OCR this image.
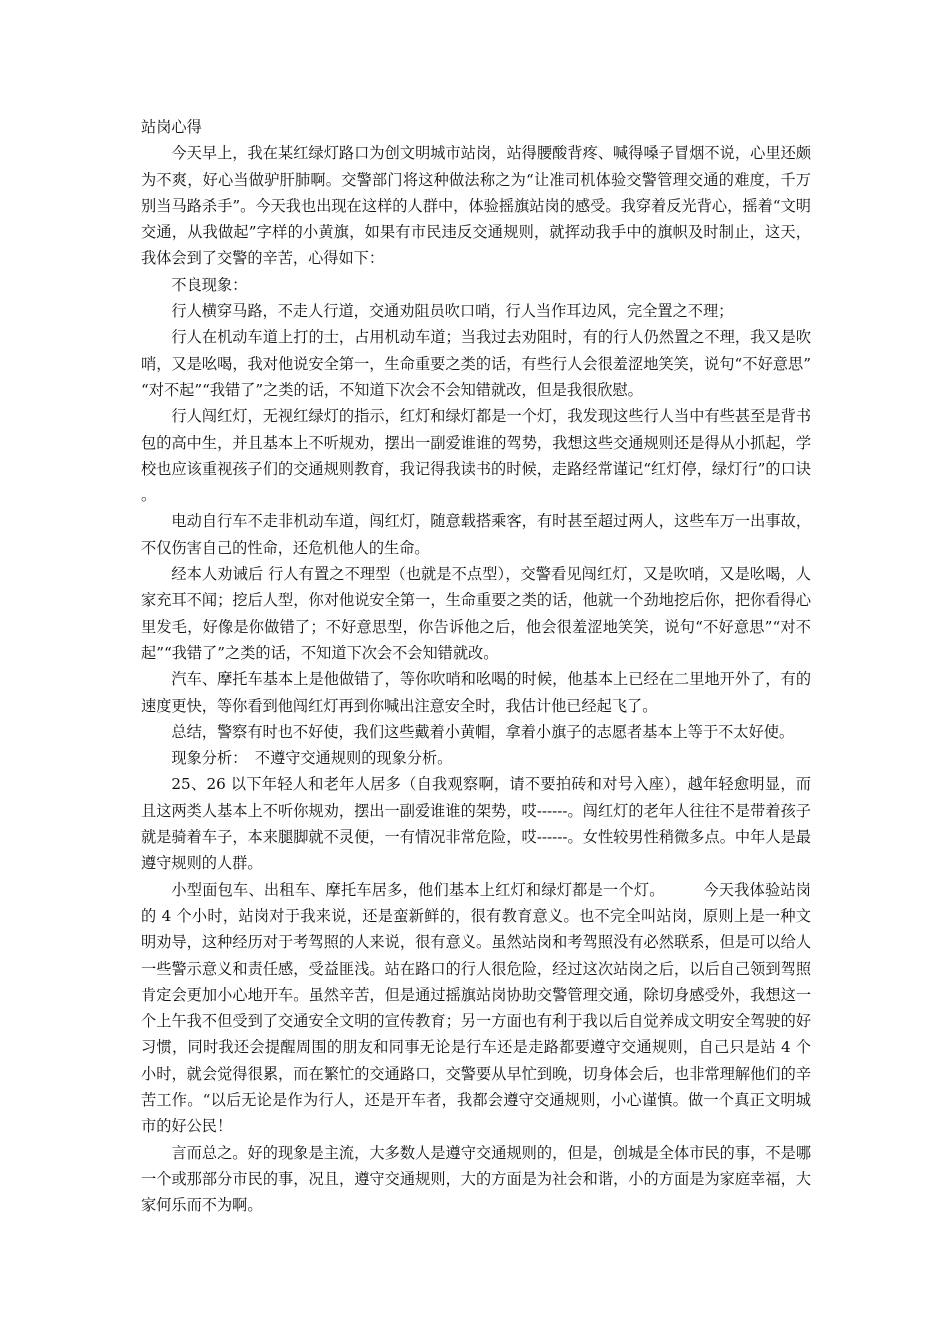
站岗心得

今天早上，我在某红绿灯路口为创文明城市站岗，站得腰酸背疼、喊得嗓子冒烟不说，心里还颇为不爽，好心当做驴肝肺啊。交警部门将这种做法称之为“让准司机体验交警管理交通的难度，千万别当马路杀手”。今天我也出现在这样的人群中，体验摇旗站岗的感受。我穿着反光背心，摇着“文明交通，从我做起”字样的小黄旗，如果有市民违反交通规则，就挥动我手中的旗帜及时制止，这天，我体会到了交警的辛苦，心得如下：

不良现象：

行人横穿马路，不走人行道，交通劝阻员吹口哨，行人当作耳边风，完全置之不理；

行人在机动车道上打的士，占用机动车道；当我过去劝阻时，有的行人仍然置之不理，我又是吹哨，又是吆喝，我对他说安全第一，生命重要之类的话，有些行人会很羞涩地笑笑，说句“不好意思”“对不起”“我错了”之类的话，不知道下次会不会知错就改，但是我很欣慰。

行人闯红灯，无视红绿灯的指示，红灯和绿灯都是一个灯，我发现这些行人当中有些甚至是背书包的高中生，并且基本上不听规劝，摆出一副爱谁谁的驾势，我想这些交通规则还是得从小抓起，学校也应该重视孩子们的交通规则教育，我记得我读书的时候，走路经常谨记“红灯停，绿灯行”的口诀。

电动自行车不走非机动车道，闯红灯，随意载搭乘客，有时甚至超过两人，这些车万一出事故，不仅伤害自己的性命，还危机他人的生命。

经本人劝诫后 行人有置之不理型（也就是不点型），交警看见闯红灯，又是吹哨，又是吆喝，人家充耳不闻；挖后人型，你对他说安全第一，生命重要之类的话，他就一个劲地挖后你，把你看得心里发毛，好像是你做错了；不好意思型，你告诉他之后，他会很羞涩地笑笑，说句“不好意思”“对不起”“我错了”之类的话，不知道下次会不会知错就改。

汽车、摩托车基本上是他做错了，等你吹哨和吆喝的时候，他基本上已经在二里地开外了，有的速度更快，等你看到他闯红灯再到你喊出注意安全时，我估计他已经起飞了。

总结，警察有时也不好使，我们这些戴着小黄帽，拿着小旗子的志愿者基本上等于不太好使。

现象分析：　不遵守交通规则的现象分析。

25、26 以下年轻人和老年人居多（自我观察啊，请不要拍砖和对号入座），越年轻愈明显，而且这两类人基本上不听你规劝，摆出一副爱谁谁的架势，哎------。闯红灯的老年人往往不是带着孩子就是骑着车子，本来腿脚就不灵便，一有情况非常危险，哎------。女性较男性稍微多点。中年人是最遵守规则的人群。

小型面包车、出租车、摩托车居多，他们基本上红灯和绿灯都是一个灯。　　　今天我体验站岗的 4 个小时，站岗对于我来说，还是蛮新鲜的，很有教育意义。也不完全叫站岗，原则上是一种文明劝导，这种经历对于考驾照的人来说，很有意义。虽然站岗和考驾照没有必然联系，但是可以给人一些警示意义和责任感，受益匪浅。站在路口的行人很危险，经过这次站岗之后，以后自己领到驾照肯定会更加小心地开车。虽然辛苦，但是通过摇旗站岗协助交警管理交通，除切身感受外，我想这一个上午我不但受到了交通安全文明的宣传教育；另一方面也有利于我以后自觉养成文明安全驾驶的好习惯，同时我还会提醒周围的朋友和同事无论是行车还是走路都要遵守交通规则，自己只是站 4 个小时，就会觉得很累，而在繁忙的交通路口，交警要从早忙到晚，切身体会后，也非常理解他们的辛苦工作。“以后无论是作为行人，还是开车者，我都会遵守交通规则，小心谨慎。做一个真正文明城市的好公民！

言而总之。好的现象是主流，大多数人是遵守交通规则的，但是，创城是全体市民的事，不是哪一个或那部分市民的事，况且，遵守交通规则，大的方面是为社会和谐，小的方面是为家庭幸福，大家何乐而不为啊。
